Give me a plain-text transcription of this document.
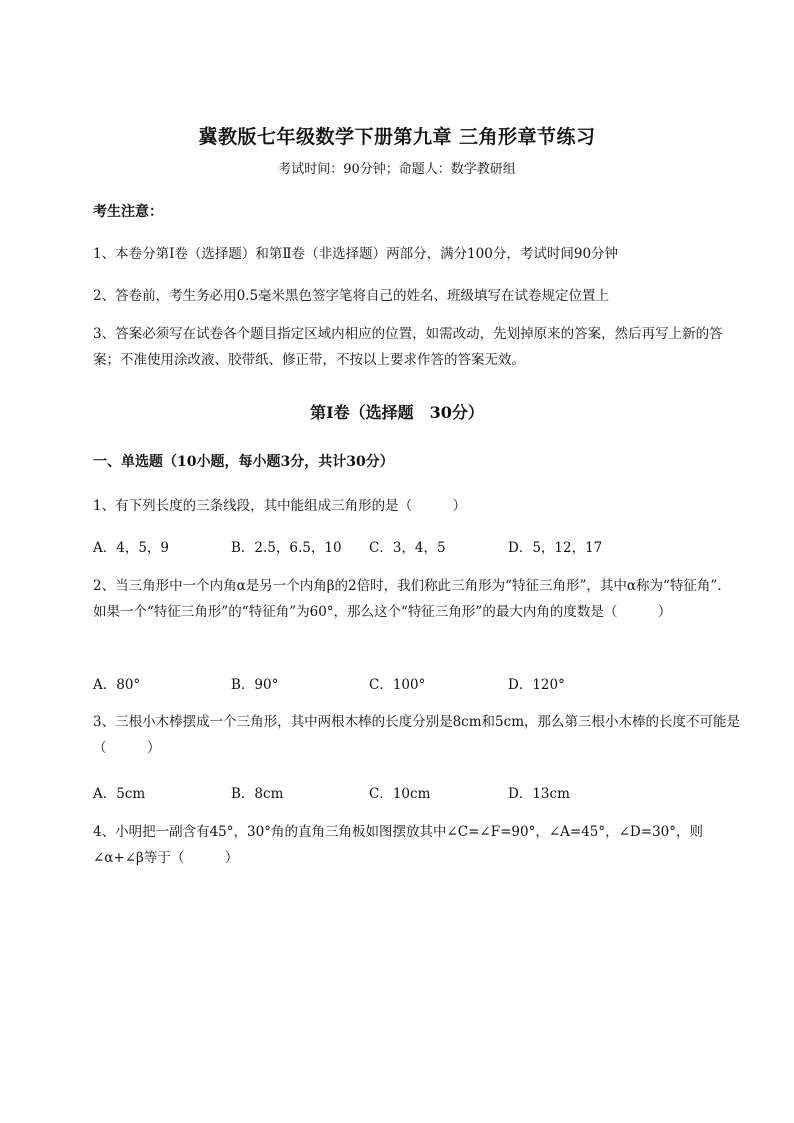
冀教版七年级数学下册第九章 三角形章节练习
考试时间：90分钟；命题人：数学教研组
考生注意：
1、本卷分第I卷（选择题）和第Ⅱ卷（非选择题）两部分，满分100分，考试时间90分钟
2、答卷前，考生务必用0.5毫米黑色签字笔将自己的姓名、班级填写在试卷规定位置上
3、答案必须写在试卷各个题目指定区域内相应的位置，如需改动，先划掉原来的答案，然后再写上新的答案；不准使用涂改液、胶带纸、修正带，不按以上要求作答的答案无效。
第I卷（选择题　30分）
一、单选题（10小题，每小题3分，共计30分）
1、有下列长度的三条线段，其中能组成三角形的是（　　　）
A．4，5，9	B．2.5，6.5，10 C．3，4，5	D．5，12，17
2、当三角形中一个内角α是另一个内角β的2倍时，我们称此三角形为“特征三角形”，其中α称为“特征角”．如果一个“特征三角形”的“特征角”为60°，那么这个“特征三角形”的最大内角的度数是（　　　）
A．80°	B．90°	C．100°	D．120°
3、三根小木棒摆成一个三角形，其中两根木棒的长度分别是8cm和5cm，那么第三根小木棒的长度不可能是（　　　）
A．5cm	B．8cm	C．10cm	D．13cm
4、小明把一副含有45°，30°角的直角三角板如图摆放其中∠C=∠F=90°，∠A=45°，∠D=30°，则∠α+∠β等于（　　　）
